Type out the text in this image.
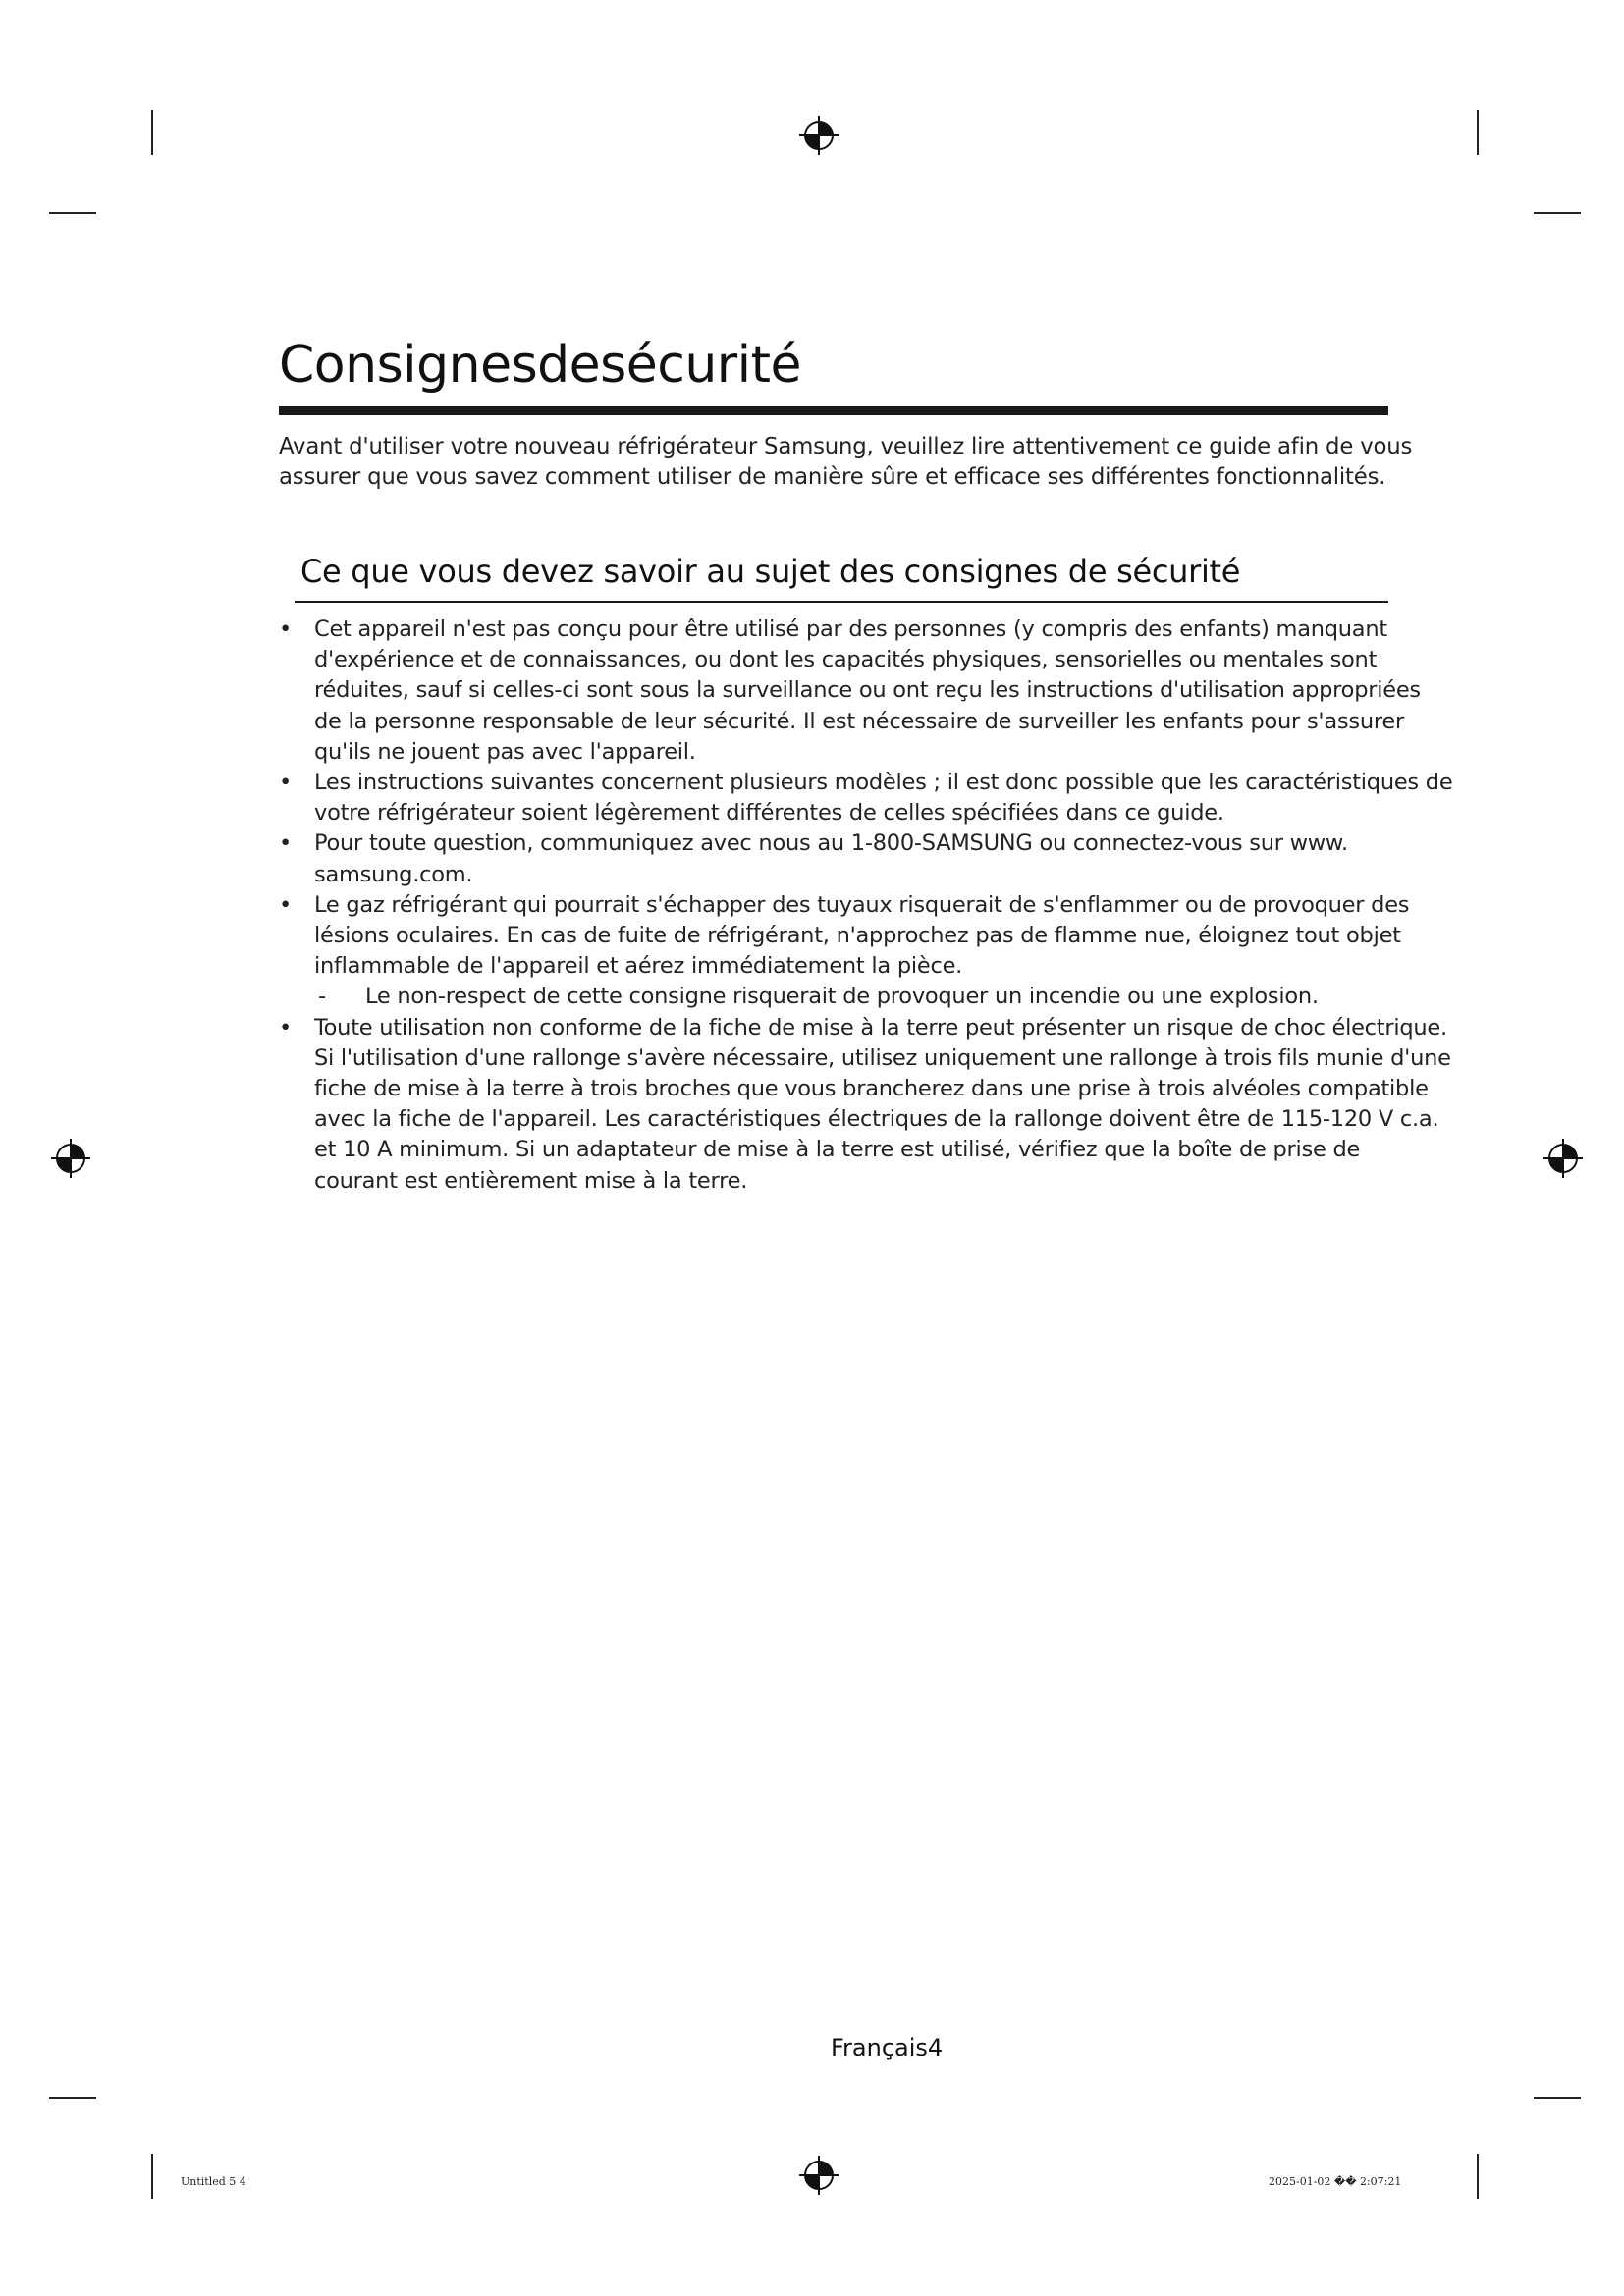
Consignesdesécurité
Avant d'utiliser votre nouveau réfrigérateur Samsung, veuillez lire attentivement ce guide afin de vous
assurer que vous savez comment utiliser de manière sûre et efficace ses différentes fonctionnalités.
Ce que vous devez savoir au sujet des consignes de sécurité
•	Cet appareil n'est pas conçu pour être utilisé par des personnes (y compris des enfants) manquant
d'expérience et de connaissances, ou dont les capacités physiques, sensorielles ou mentales sont
réduites, sauf si celles-ci sont sous la surveillance ou ont reçu les instructions d'utilisation appropriées
de la personne responsable de leur sécurité. Il est nécessaire de surveiller les enfants pour s'assurer
qu'ils ne jouent pas avec l'appareil.
•	Les instructions suivantes concernent plusieurs modèles ; il est donc possible que les caractéristiques de
votre réfrigérateur soient légèrement différentes de celles spécifiées dans ce guide.
•	Pour toute question, communiquez avec nous au 1-800-SAMSUNG ou connectez-vous sur www.
samsung.com.
•	Le gaz réfrigérant qui pourrait s'échapper des tuyaux risquerait de s'enflammer ou de provoquer des
lésions oculaires. En cas de fuite de réfrigérant, n'approchez pas de flamme nue, éloignez tout objet
inflammable de l'appareil et aérez immédiatement la pièce.
- Le non-respect de cette consigne risquerait de provoquer un incendie ou une explosion.
•	Toute utilisation non conforme de la fiche de mise à la terre peut présenter un risque de choc électrique.
Si l'utilisation d'une rallonge s'avère nécessaire, utilisez uniquement une rallonge à trois fils munie d'une
fiche de mise à la terre à trois broches que vous brancherez dans une prise à trois alvéoles compatible
avec la fiche de l'appareil. Les caractéristiques électriques de la rallonge doivent être de 115-120 V c.a.
et 10 A minimum. Si un adaptateur de mise à la terre est utilisé, vérifiez que la boîte de prise de
courant est entièrement mise à la terre.
Français4
Untitled 5 4	2025-01-02 �� 2:07:21
